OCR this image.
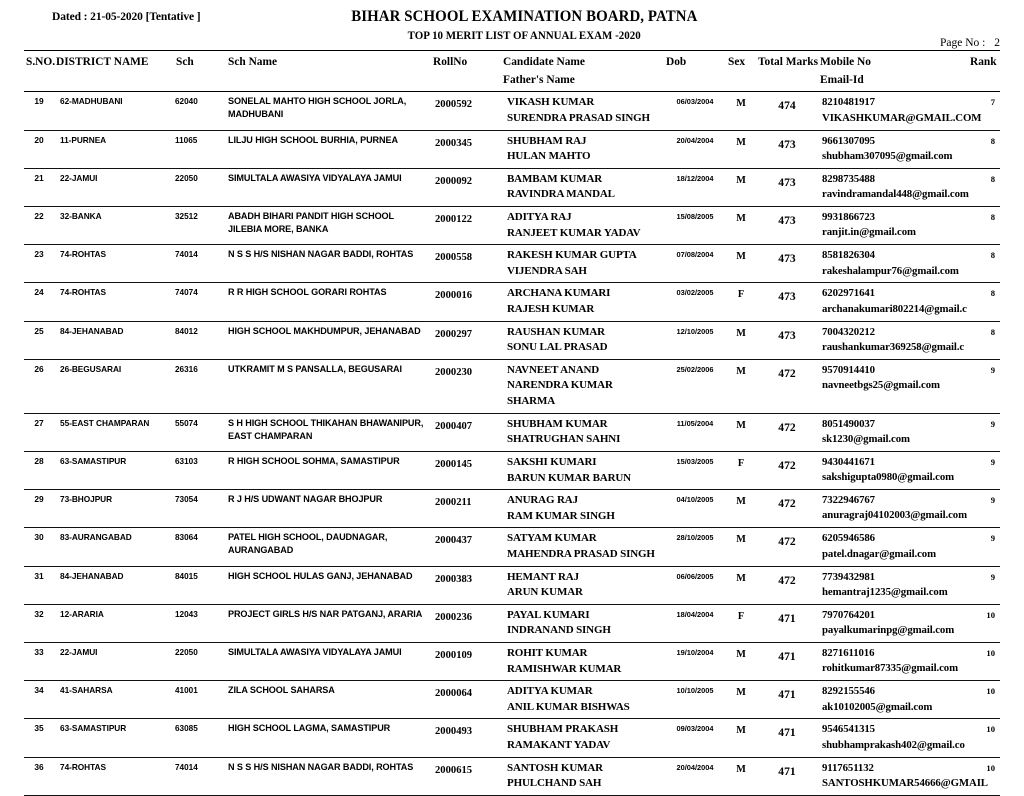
Dated : 21-05-2020 [Tentative ]	BIHAR SCHOOL EXAMINATION BOARD, PATNA
TOP 10 MERIT LIST OF ANNUAL EXAM -2020
Page No : 2
S.NO.	DISTRICT NAME	Sch	Sch Name	RollNo	Candidate Name
Father's Name	Dob	Sex	Total Marks	Mobile No
Email-Id	Rank
19	62-MADHUBANI	62040	SONELAL MAHTO HIGH SCHOOL JORLA, MADHUBANI	2000592	VIKASH KUMAR
SURENDRA PRASAD SINGH	06/03/2004	M	474	8210481917
VIKASHKUMAR@GMAIL.COM	7
20	11-PURNEA	11065	LILJU HIGH SCHOOL BURHIA, PURNEA	2000345	SHUBHAM RAJ
HULAN MAHTO	20/04/2004	M	473	9661307095
shubham307095@gmail.com	8
21	22-JAMUI	22050	SIMULTALA AWASIYA VIDYALAYA JAMUI	2000092	BAMBAM KUMAR
RAVINDRA MANDAL	18/12/2004	M	473	8298735488
ravindramandal448@gmail.com	8
22	32-BANKA	32512	ABADH BIHARI PANDIT HIGH SCHOOL JILEBIA MORE, BANKA	2000122	ADITYA RAJ
RANJEET KUMAR YADAV	15/08/2005	M	473	9931866723
ranjit.in@gmail.com	8
23	74-ROHTAS	74014	N S S H/S NISHAN NAGAR BADDI, ROHTAS	2000558	RAKESH KUMAR GUPTA
VIJENDRA SAH	07/08/2004	M	473	8581826304
rakeshalampur76@gmail.com	8
24	74-ROHTAS	74074	R R HIGH SCHOOL GORARI ROHTAS	2000016	ARCHANA KUMARI
RAJESH KUMAR	03/02/2005	F	473	6202971641
archanakumari802214@gmail.c	8
25	84-JEHANABAD	84012	HIGH SCHOOL MAKHDUMPUR, JEHANABAD	2000297	RAUSHAN KUMAR
SONU LAL PRASAD	12/10/2005	M	473	7004320212
raushankumar369258@gmail.c	8
26	26-BEGUSARAI	26316	UTKRAMIT M S PANSALLA, BEGUSARAI	2000230	NAVNEET ANAND
NARENDRA KUMAR SHARMA	25/02/2006	M	472	9570914410
navneetbgs25@gmail.com	9
27	55-EAST CHAMPARAN	55074	S H HIGH SCHOOL THIKAHAN BHAWANIPUR, EAST CHAMPARAN	2000407	SHUBHAM KUMAR
SHATRUGHAN SAHNI	11/05/2004	M	472	8051490037
sk1230@gmail.com	9
28	63-SAMASTIPUR	63103	R HIGH SCHOOL SOHMA, SAMASTIPUR	2000145	SAKSHI KUMARI
BARUN KUMAR BARUN	15/03/2005	F	472	9430441671
sakshigupta0980@gmail.com	9
29	73-BHOJPUR	73054	R J H/S UDWANT NAGAR BHOJPUR	2000211	ANURAG RAJ
RAM KUMAR SINGH	04/10/2005	M	472	7322946767
anuragraj04102003@gmail.com	9
30	83-AURANGABAD	83064	PATEL HIGH SCHOOL, DAUDNAGAR, AURANGABAD	2000437	SATYAM KUMAR
MAHENDRA PRASAD SINGH	28/10/2005	M	472	6205946586
patel.dnagar@gmail.com	9
31	84-JEHANABAD	84015	HIGH SCHOOL HULAS GANJ, JEHANABAD	2000383	HEMANT RAJ
ARUN KUMAR	06/06/2005	M	472	7739432981
hemantraj1235@gmail.com	9
32	12-ARARIA	12043	PROJECT GIRLS H/S NAR PATGANJ, ARARIA	2000236	PAYAL KUMARI
INDRANAND SINGH	18/04/2004	F	471	7970764201
payalkumarinpg@gmail.com	10
33	22-JAMUI	22050	SIMULTALA AWASIYA VIDYALAYA JAMUI	2000109	ROHIT KUMAR
RAMISHWAR KUMAR	19/10/2004	M	471	8271611016
rohitkumar87335@gmail.com	10
34	41-SAHARSA	41001	ZILA SCHOOL SAHARSA	2000064	ADITYA KUMAR
ANIL KUMAR BISHWAS	10/10/2005	M	471	8292155546
ak10102005@gmail.com	10
35	63-SAMASTIPUR	63085	HIGH SCHOOL LAGMA, SAMASTIPUR	2000493	SHUBHAM PRAKASH
RAMAKANT YADAV	09/03/2004	M	471	9546541315
shubhamprakash402@gmail.co	10
36	74-ROHTAS	74014	N S S H/S NISHAN NAGAR BADDI, ROHTAS	2000615	SANTOSH KUMAR
PHULCHAND SAH	20/04/2004	M	471	9117651132
SANTOSHKUMAR54666@GMAIL	10
